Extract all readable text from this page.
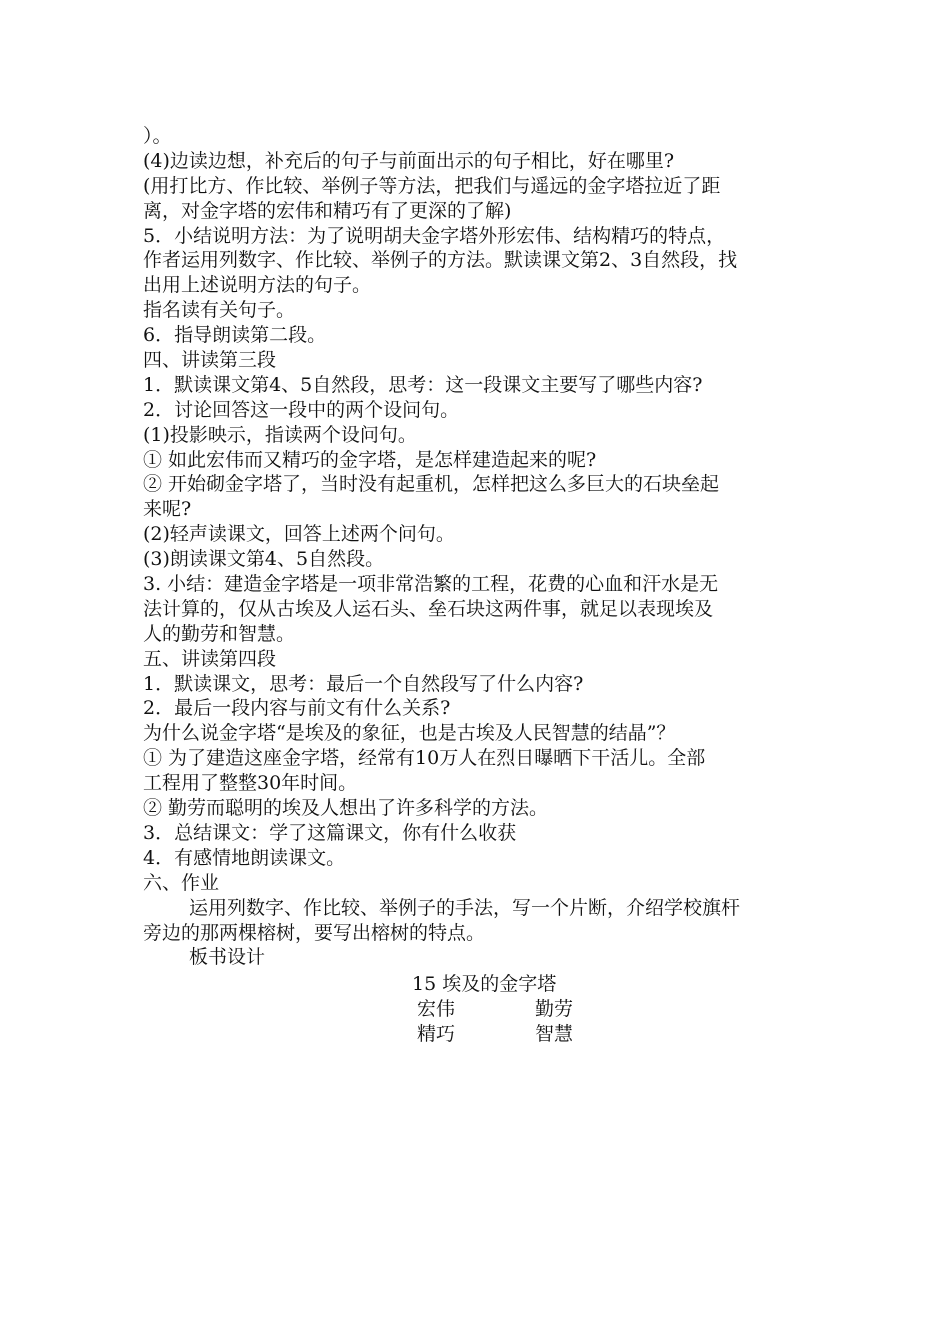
）。
(4)边读边想，补充后的句子与前面出示的句子相比，好在哪里?
(用打比方、作比较、举例子等方法，把我们与遥远的金字塔拉近了距
离，对金字塔的宏伟和精巧有了更深的了解)
5．小结说明方法：为了说明胡夫金字塔外形宏伟、结构精巧的特点，
作者运用列数字、作比较、举例子的方法。默读课文第2、3自然段，找
出用上述说明方法的句子。
指名读有关句子。
6．指导朗读第二段。
四、讲读第三段
1．默读课文第4、5自然段，思考：这一段课文主要写了哪些内容?
2．讨论回答这一段中的两个设问句。
(1)投影映示，指读两个设问句。
① 如此宏伟而又精巧的金字塔，是怎样建造起来的呢?
② 开始砌金字塔了，当时没有起重机，怎样把这么多巨大的石块垒起
来呢?
(2)轻声读课文，回答上述两个问句。
(3)朗读课文第4、5自然段。
3. 小结：建造金字塔是一项非常浩繁的工程，花费的心血和汗水是无
法计算的，仅从古埃及人运石头、垒石块这两件事，就足以表现埃及
人的勤劳和智慧。
五、讲读第四段
1．默读课文，思考：最后一个自然段写了什么内容?
2．最后一段内容与前文有什么关系?
为什么说金字塔“是埃及的象征，也是古埃及人民智慧的结晶”？
① 为了建造这座金字塔，经常有10万人在烈日曝晒下干活儿。全部
工程用了整整30年时间。
② 勤劳而聪明的埃及人想出了许多科学的方法。
3．总结课文：学了这篇课文，你有什么收获
4．有感情地朗读课文。
六、作业
运用列数字、作比较、举例子的手法，写一个片断，介绍学校旗杆
旁边的那两棵榕树，要写出榕树的特点。
板书设计
15 埃及的金字塔
宏伟	勤劳
精巧	智慧
